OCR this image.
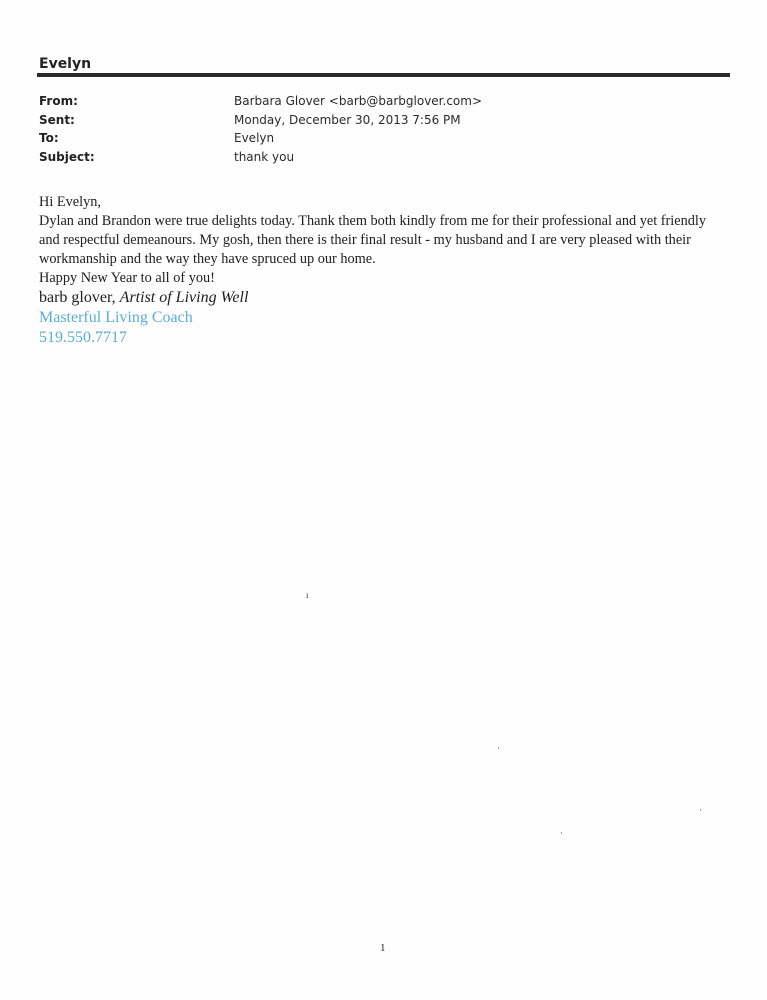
Evelyn
From:	Barbara Glover <barb@barbglover.com>
Sent:	Monday, December 30, 2013 7:56 PM
To:	Evelyn
Subject:	thank you

Hi Evelyn,

Dylan and Brandon were true delights today. Thank them both kindly from me for their professional and yet friendly and respectful demeanours. My gosh, then there is their final result - my husband and I are very pleased with their workmanship and the way they have spruced up our home.

Happy New Year to all of you!

barb glover, Artist of Living Well
Masterful Living Coach
519.550.7717
ı
·
·
·
1
